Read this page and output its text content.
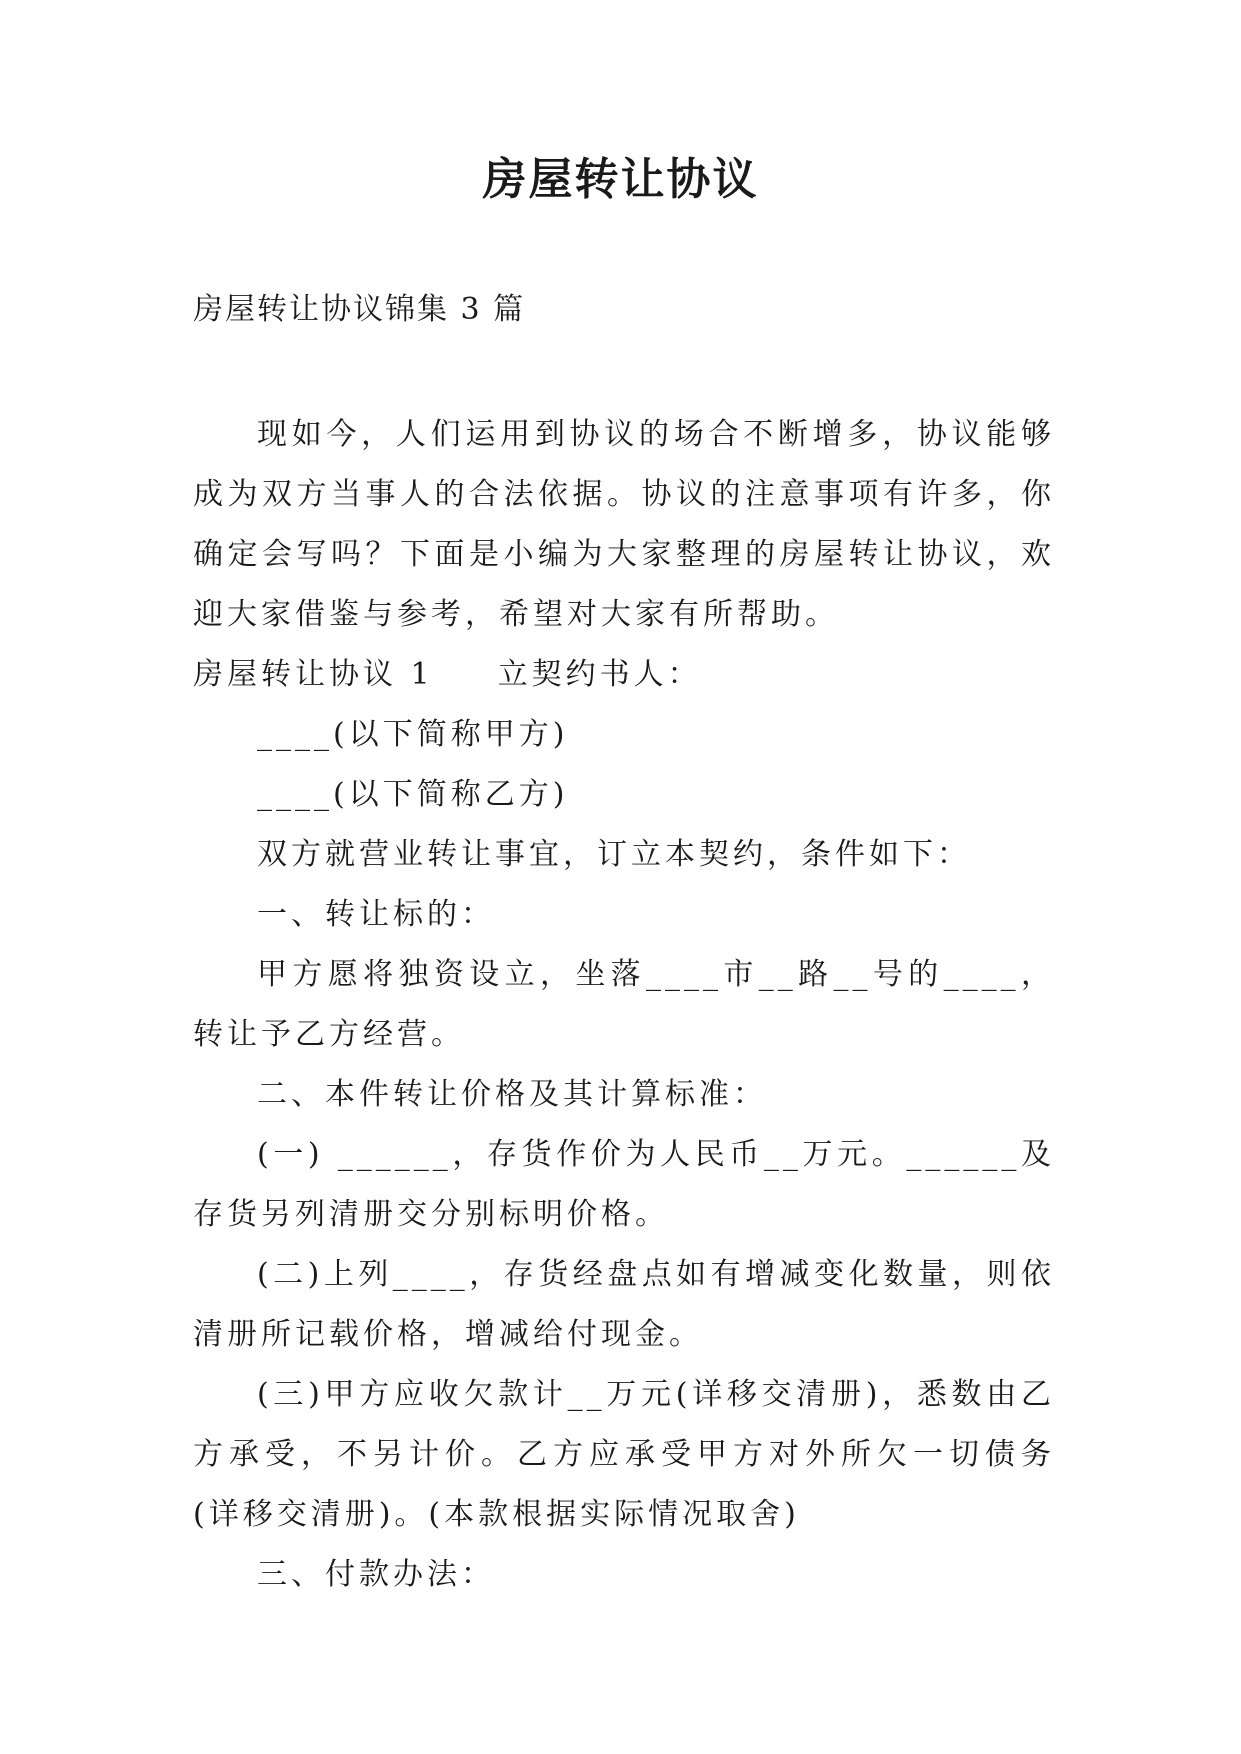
房屋转让协议
房屋转让协议锦集 3 篇

现如今，人们运用到协议的场合不断增多，协议能够成为双方当事人的合法依据。协议的注意事项有许多，你确定会写吗？下面是小编为大家整理的房屋转让协议，欢迎大家借鉴与参考，希望对大家有所帮助。

房屋转让协议 1 立契约书人：

____(以下简称甲方)

____(以下简称乙方)

双方就营业转让事宜，订立本契约，条件如下：

一、转让标的：

甲方愿将独资设立，坐落____市__路__号的____，转让予乙方经营。

二、本件转让价格及其计算标准：

(一) ______，存货作价为人民币__万元。______及存货另列清册交分别标明价格。

(二)上列____，存货经盘点如有增减变化数量，则依清册所记载价格，增减给付现金。

(三)甲方应收欠款计__万元(详移交清册)，悉数由乙方承受，不另计价。乙方应承受甲方对外所欠一切债务(详移交清册)。(本款根据实际情况取舍)

三、付款办法：
